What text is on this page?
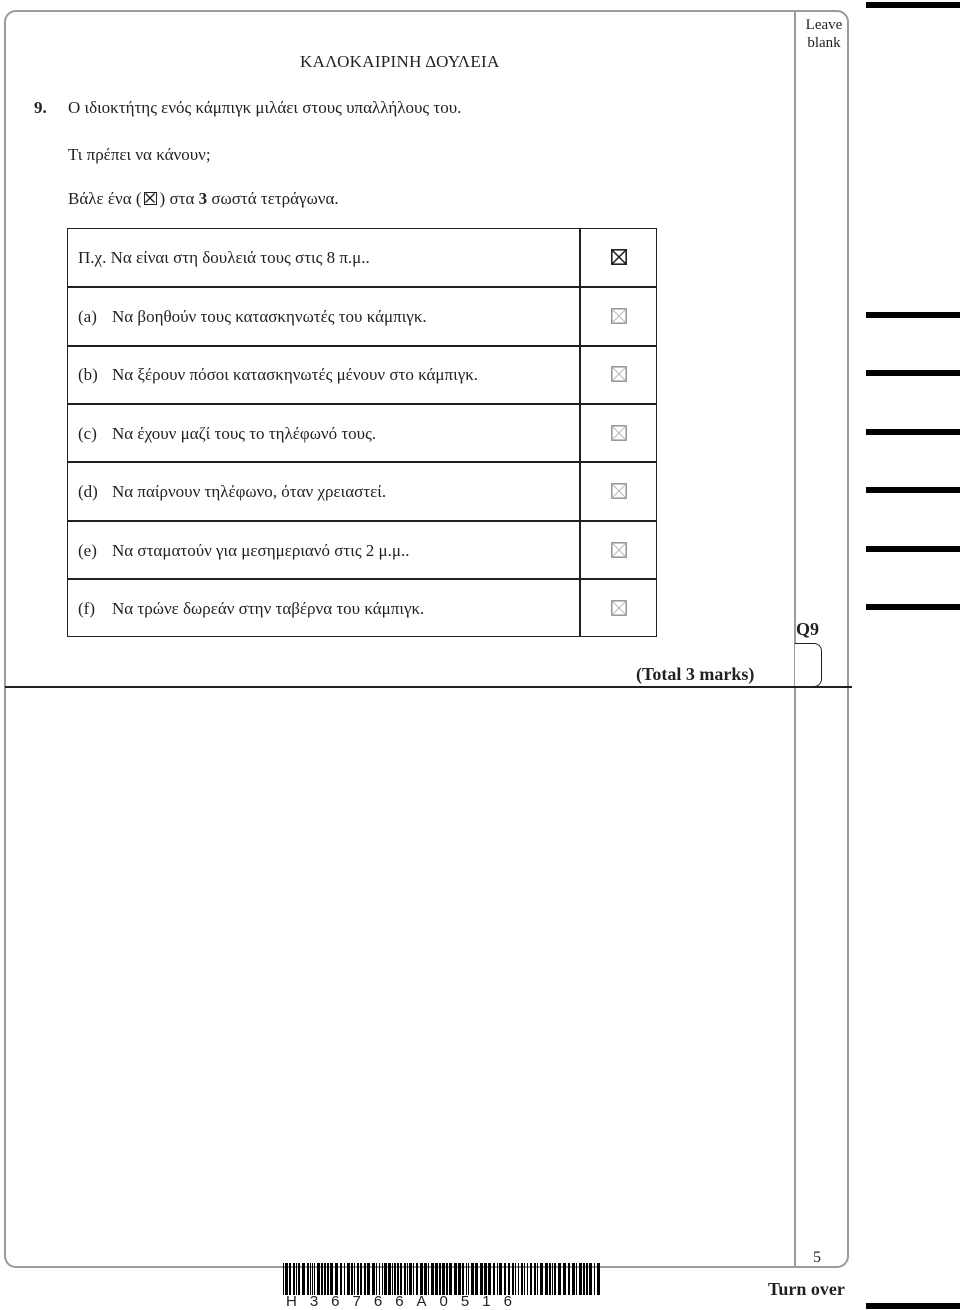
Leave
blank
ΚΑΛΟΚΑΙΡΙΝΗ ΔΟΥΛΕΙΑ
9. Ο ιδιοκτήτης ενός κάμπιγκ μιλάει στους υπαλλήλους του.
Τι πρέπει να κάνουν;
Βάλε ένα ( ☒ ) στα 3 σωστά τετράγωνα.
Π.χ. Να είναι στη δουλειά τους στις 8 π.μ..
(a) Να βοηθούν τους κατασκηνωτές του κάμπιγκ.
(b) Να ξέρουν πόσοι κατασκηνωτές μένουν στο κάμπιγκ.
(c) Να έχουν μαζί τους το τηλέφωνό τους.
(d) Να παίρνουν τηλέφωνο, όταν χρειαστεί.
(e) Να σταματούν για μεσημεριανό στις 2 μ.μ..
(f) Να τρώνε δωρεάν στην ταβέρνα του κάμπιγκ.
Q9
(Total 3 marks)
5
Turn over
H36766A0516
